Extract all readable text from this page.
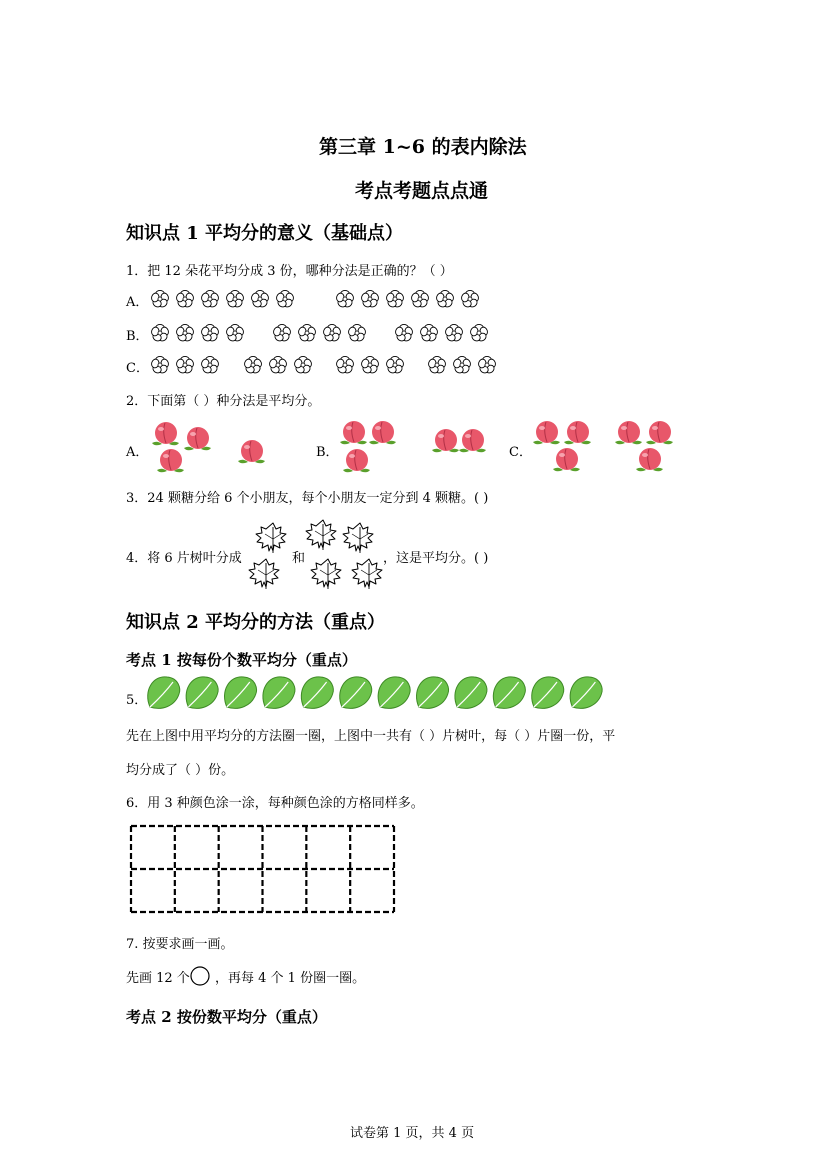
第三章 1~6 的表内除法
考点考题点点通
知识点 1 平均分的意义（基础点）
1．把 12 朵花平均分成 3 份，哪种分法是正确的？（ ）
A．
B．
C．
2．下面第（ ）种分法是平均分。
A．	B．	C．
3．24 颗糖分给 6 个小朋友，每个小朋友一定分到 4 颗糖。( )
4．将 6 片树叶分成	和	，这是平均分。( )
知识点 2 平均分的方法（重点）
考点 1 按每份个数平均分（重点）
5．
先在上图中用平均分的方法圈一圈，上图中一共有（ ）片树叶，每（ ）片圈一份，平
均分成了（ ）份。
6．用 3 种颜色涂一涂，每种颜色涂的方格同样多。
7. 按要求画一画。
先画 12 个 ，再每 4 个 1 份圈一圈。
考点 2 按份数平均分（重点）
试卷第 1 页，共 4 页
